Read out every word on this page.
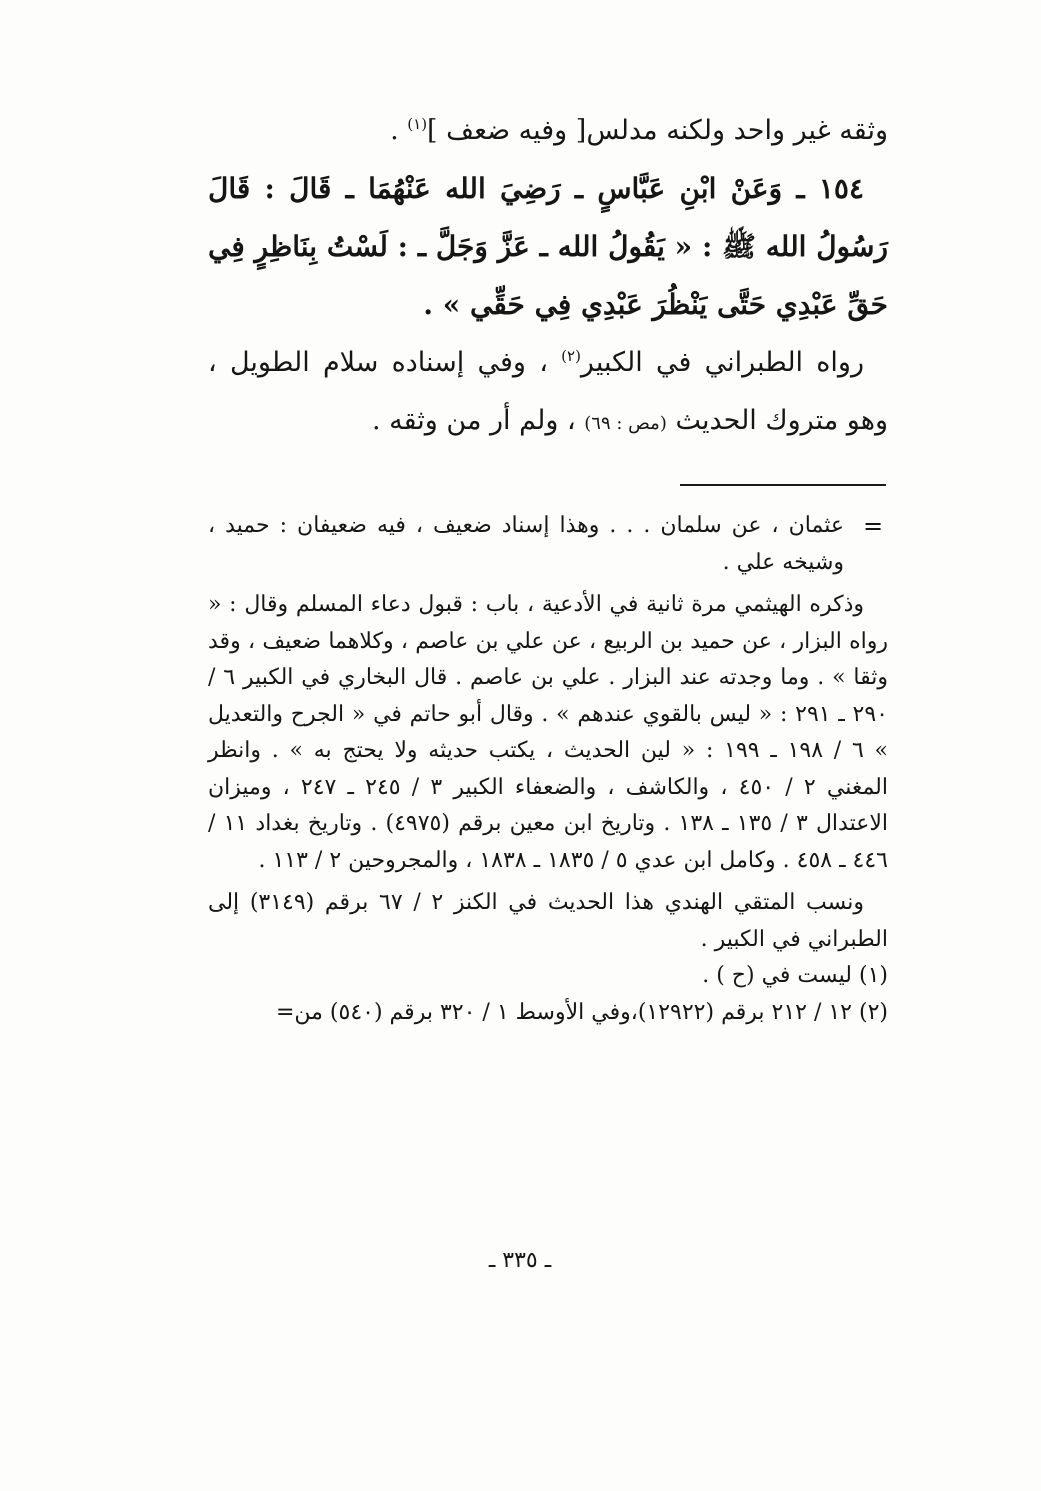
وثقه غير واحد ولكنه مدلس[ وفيه ضعف ]$^{(١)}$ .

١٥٤ ـ وَعَنْ ابْنِ عَبَّاسٍ ـ رَضِيَ الله عَنْهُمَا ـ قَالَ : قَالَ رَسُولُ الله ﷺ : « يَقُولُ الله ـ عَزَّ وَجَلَّ ـ : لَسْتُ بِنَاظِرٍ فِي حَقِّ عَبْدِي حَتَّى يَنْظُرَ عَبْدِي فِي حَقِّي » .

رواه الطبراني في الكبير$^{(٢)}$ ، وفي إسناده سلام الطويل ، وهو متروك الحديث (مص : ٦٩) ، ولم أر من وثقه .

=

عثمان ، عن سلمان . . . وهذا إسناد ضعيف ، فيه ضعيفان : حميد ، وشيخه علي .

وذكره الهيثمي مرة ثانية في الأدعية ، باب : قبول دعاء المسلم وقال : « رواه البزار ، عن حميد بن الربيع ، عن علي بن عاصم ، وكلاهما ضعيف ، وقد وثقا » . وما وجدته عند البزار . علي بن عاصم . قال البخاري في الكبير ٦ / ٢٩٠ ـ ٢٩١ : « ليس بالقوي عندهم » . وقال أبو حاتم في « الجرح والتعديل » ٦ / ١٩٨ ـ ١٩٩ : « لين الحديث ، يكتب حديثه ولا يحتج به » . وانظر المغني ٢ / ٤٥٠ ، والكاشف ، والضعفاء الكبير ٣ / ٢٤٥ ـ ٢٤٧ ، وميزان الاعتدال ٣ / ١٣٥ ـ ١٣٨ . وتاريخ ابن معين برقم (٤٩٧٥) . وتاريخ بغداد ١١ / ٤٤٦ ـ ٤٥٨ . وكامل ابن عدي ٥ / ١٨٣٥ ـ ١٨٣٨ ، والمجروحين ٢ / ١١٣ .

ونسب المتقي الهندي هذا الحديث في الكنز ٢ / ٦٧ برقم (٣١٤٩) إلى الطبراني في الكبير .

(١) ليست في (ح ) .
(٢) ١٢ / ٢١٢ برقم (١٢٩٢٢)،وفي الأوسط ١ / ٣٢٠ برقم (٥٤٠) من=
ـ ٣٣٥ ـ
